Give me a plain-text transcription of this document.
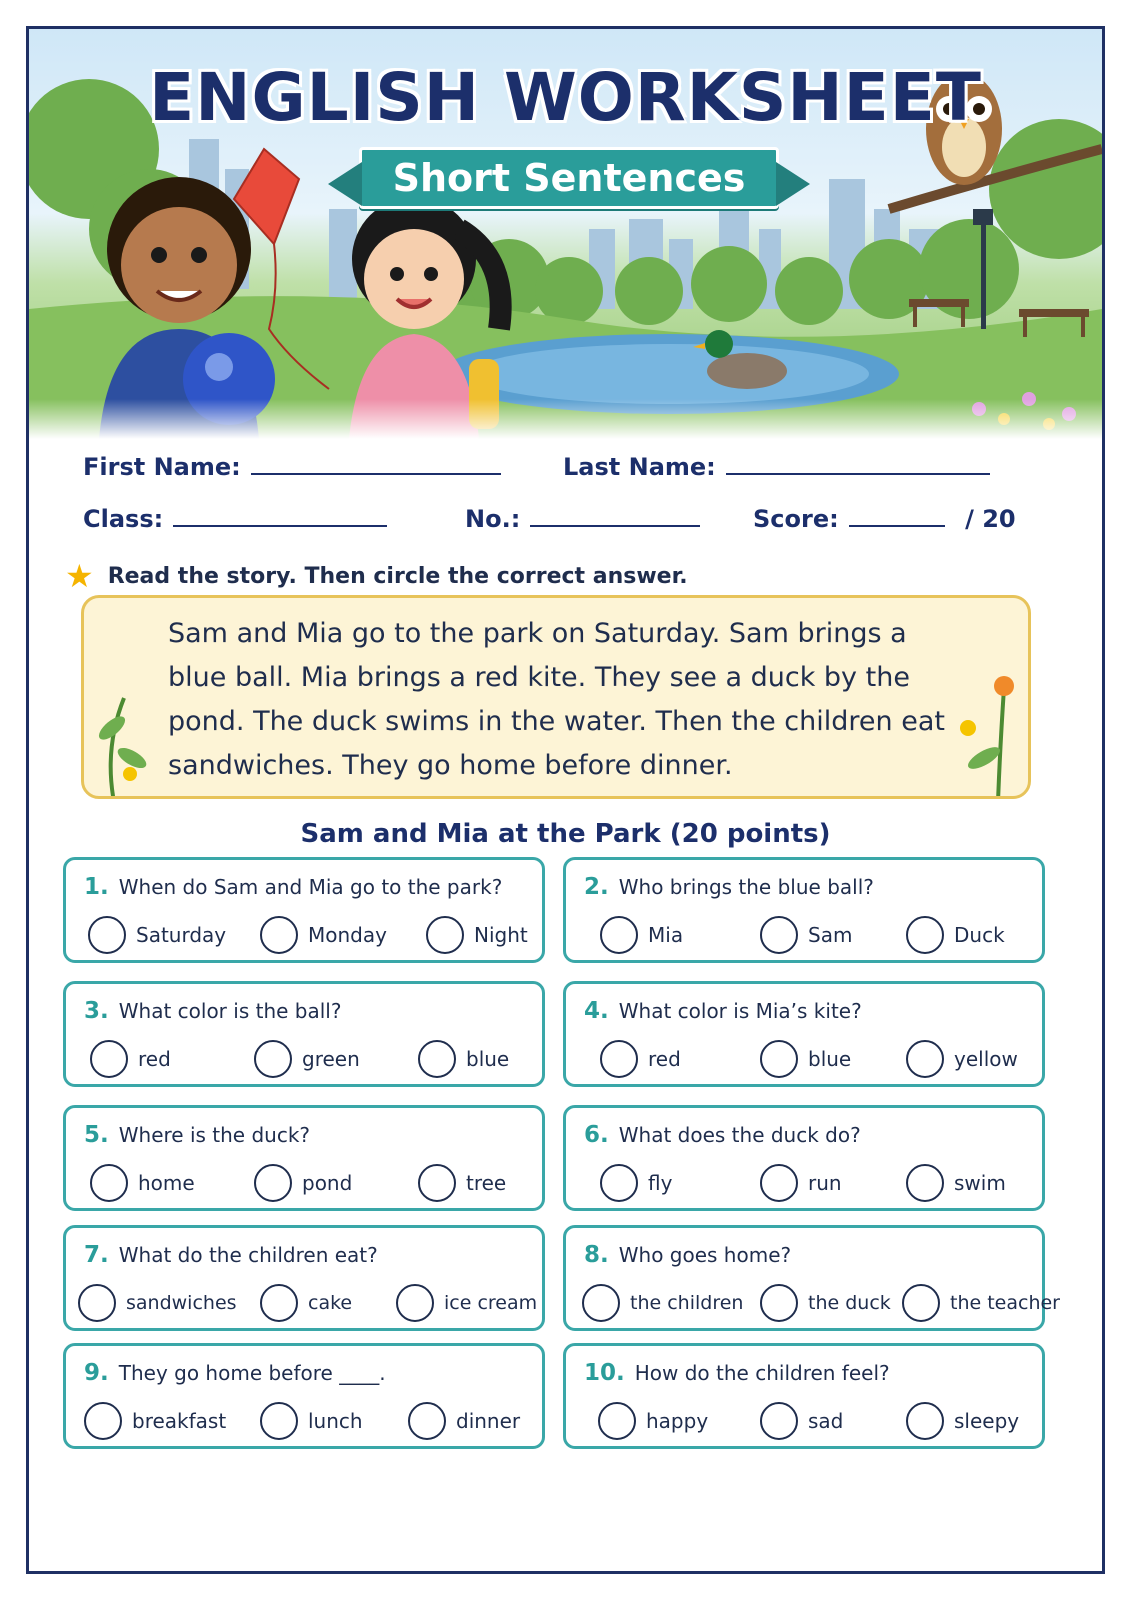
ENGLISH WORKSHEET
Short Sentences
First Name:	Last Name:
Class:	No.:	Score:	/ 20
★ Read the story. Then circle the correct answer.

Sam and Mia go to the park on Saturday. Sam brings a blue ball. Mia brings a red kite. They see a duck by the pond. The duck swims in the water. Then the children eat sandwiches. They go home before dinner.

Sam and Mia at the Park (20 points)
1. When do Sam and Mia go to the park?
Saturday	Monday	Night
2. Who brings the blue ball?
Mia	Sam	Duck
3. What color is the ball?
red	green	blue
4. What color is Mia’s kite?
red	blue	yellow
5. Where is the duck?
home	pond	tree
6. What does the duck do?
fly	run	swim
7. What do the children eat?
sandwiches	cake	ice cream
8. Who goes home?
the children	the duck	the teacher
9. They go home before ____.
breakfast	lunch	dinner
10. How do the children feel?
happy	sad	sleepy
